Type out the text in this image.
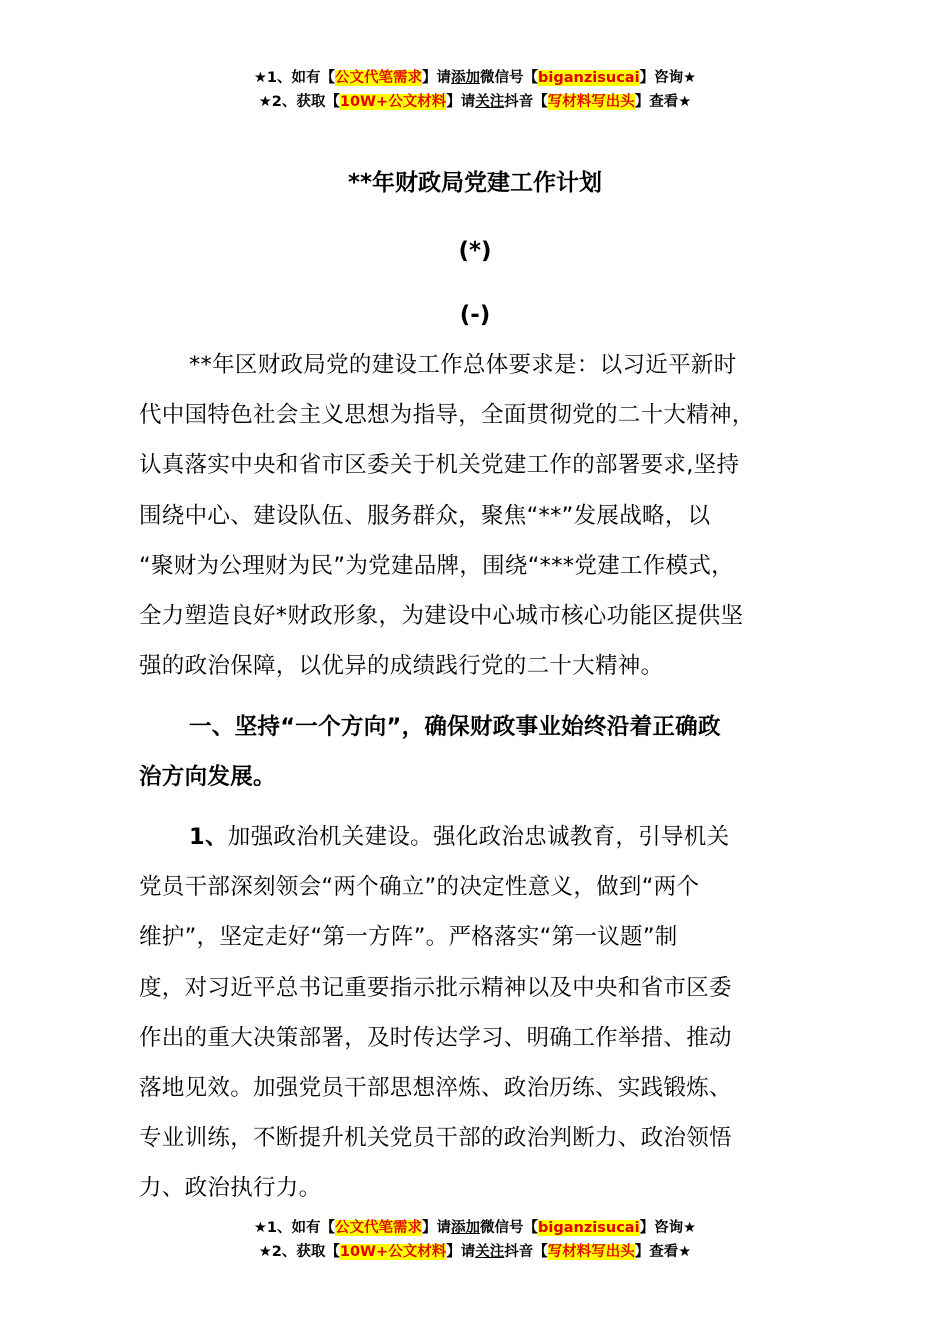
★1、如有【公文代笔需求】请添加微信号【biganzisucai】咨询★
★2、获取【10W+公文材料】请关注抖音【写材料写出头】查看★
**年财政局党建工作计划
(*)
(-)
**年区财政局党的建设工作总体要求是：以习近平新时
代中国特色社会主义思想为指导，全面贯彻党的二十大精神，
认真落实中央和省市区委关于机关党建工作的部署要求,坚持
围绕中心、建设队伍、服务群众，聚焦“**”发展战略，以
“聚财为公理财为民”为党建品牌，围绕“***党建工作模式，
全力塑造良好*财政形象，为建设中心城市核心功能区提供坚
强的政治保障，以优异的成绩践行党的二十大精神。
一、坚持“一个方向”，确保财政事业始终沿着正确政
治方向发展。
1、加强政治机关建设。强化政治忠诚教育，引导机关
党员干部深刻领会“两个确立”的决定性意义，做到“两个
维护”，坚定走好“第一方阵”。严格落实“第一议题”制
度，对习近平总书记重要指示批示精神以及中央和省市区委
作出的重大决策部署，及时传达学习、明确工作举措、推动
落地见效。加强党员干部思想淬炼、政治历练、实践锻炼、
专业训练，不断提升机关党员干部的政治判断力、政治领悟
力、政治执行力。
★1、如有【公文代笔需求】请添加微信号【biganzisucai】咨询★
★2、获取【10W+公文材料】请关注抖音【写材料写出头】查看★
